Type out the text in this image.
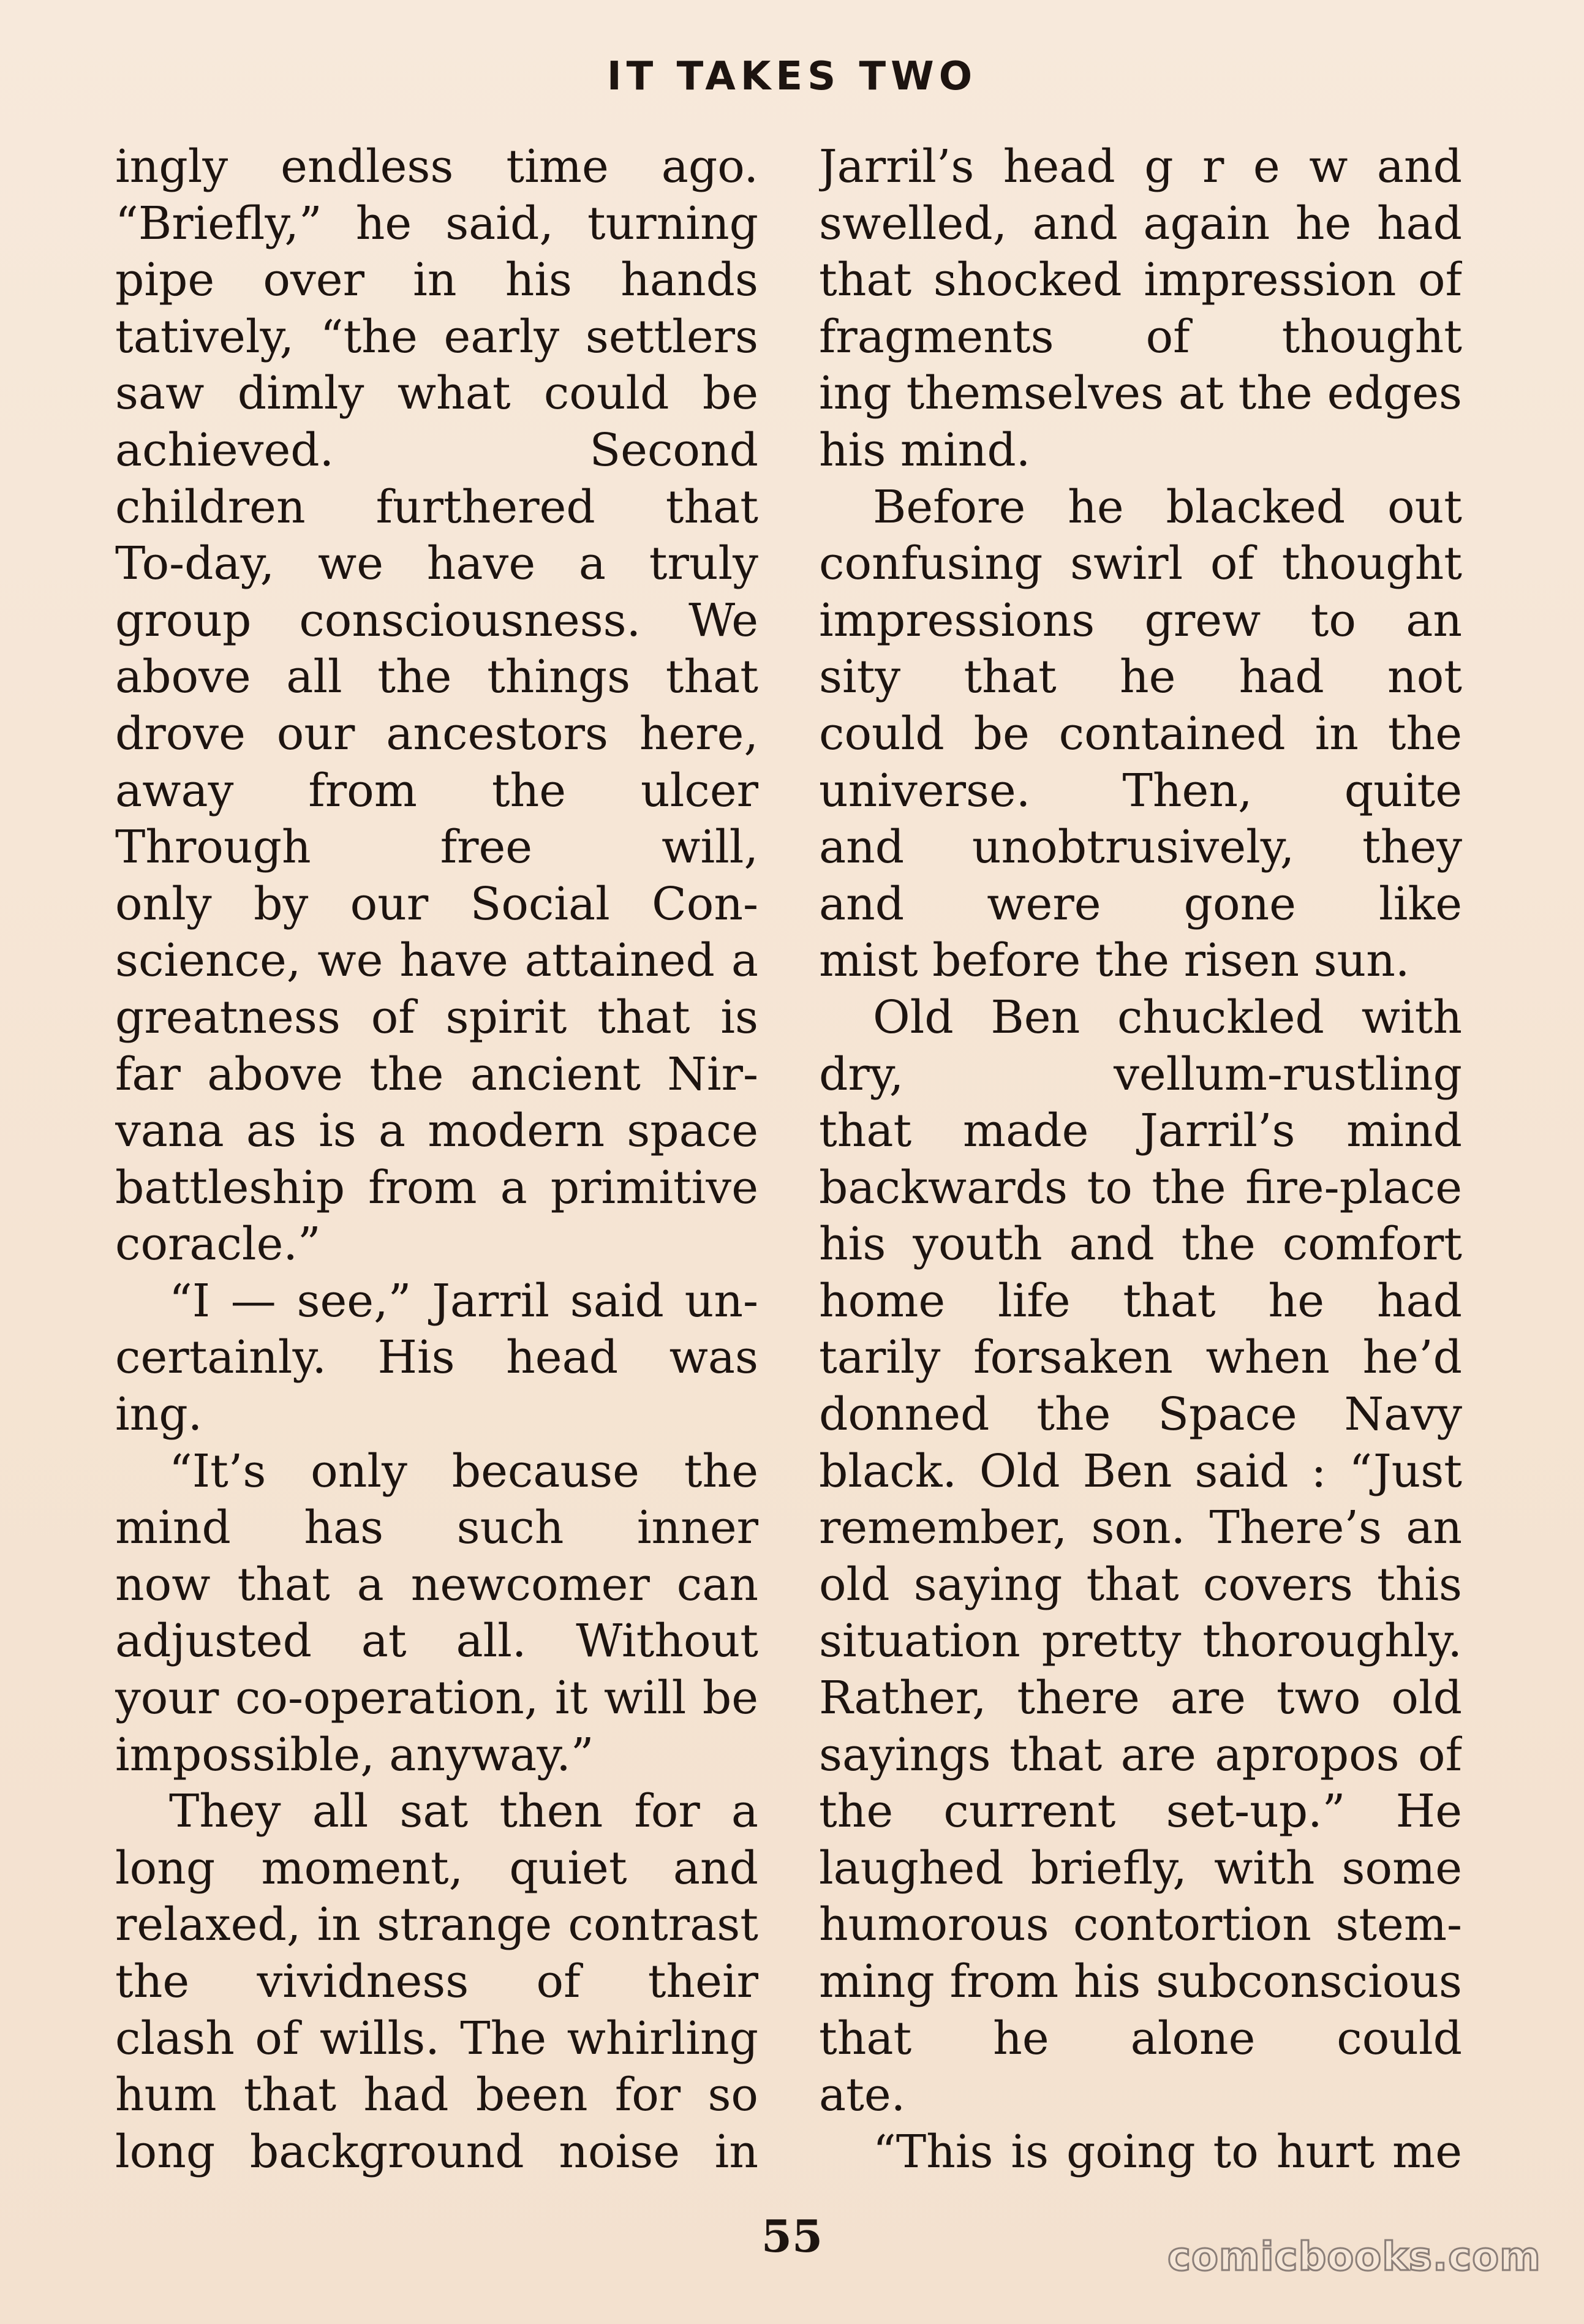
IT TAKES TWO
ingly endless time ago.
“Briefly,” he said, turning
pipe over in his hands
tatively, “the early settlers
saw dimly what could be
achieved. Second
children furthered that
To-day, we have a truly
group consciousness. We
above all the things that
drove our ancestors here,
away from the ulcer
Through free will,
only by our Social Con-
science, we have attained a
greatness of spirit that is
far above the ancient Nir-
vana as is a modern space
battleship from a primitive
coracle.”
“I — see,” Jarril said un-
certainly. His head was
ing.
“It’s only because the
mind has such inner
now that a newcomer can
adjusted at all. Without
your co-operation, it will be
impossible, anyway.”
They all sat then for a
long moment, quiet and
relaxed, in strange contrast
the vividness of their
clash of wills. The whirling
hum that had been for so
long background noise in
Jarril’s head g r e w and
swelled, and again he had
that shocked impression of
fragments of thought
ing themselves at the edges
his mind.
Before he blacked out
confusing swirl of thought
impressions grew to an
sity that he had not
could be contained in the
universe. Then, quite
and unobtrusively, they
and were gone like
mist before the risen sun.
Old Ben chuckled with
dry, vellum-rustling
that made Jarril’s mind
backwards to the fire-place
his youth and the comfort
home life that he had
tarily forsaken when he’d
donned the Space Navy
black. Old Ben said : “Just
remember, son. There’s an
old saying that covers this
situation pretty thoroughly.
Rather, there are two old
sayings that are apropos of
the current set-up.” He
laughed briefly, with some
humorous contortion stem-
ming from his subconscious
that he alone could
ate.
“This is going to hurt me
55	comicbooks.com
